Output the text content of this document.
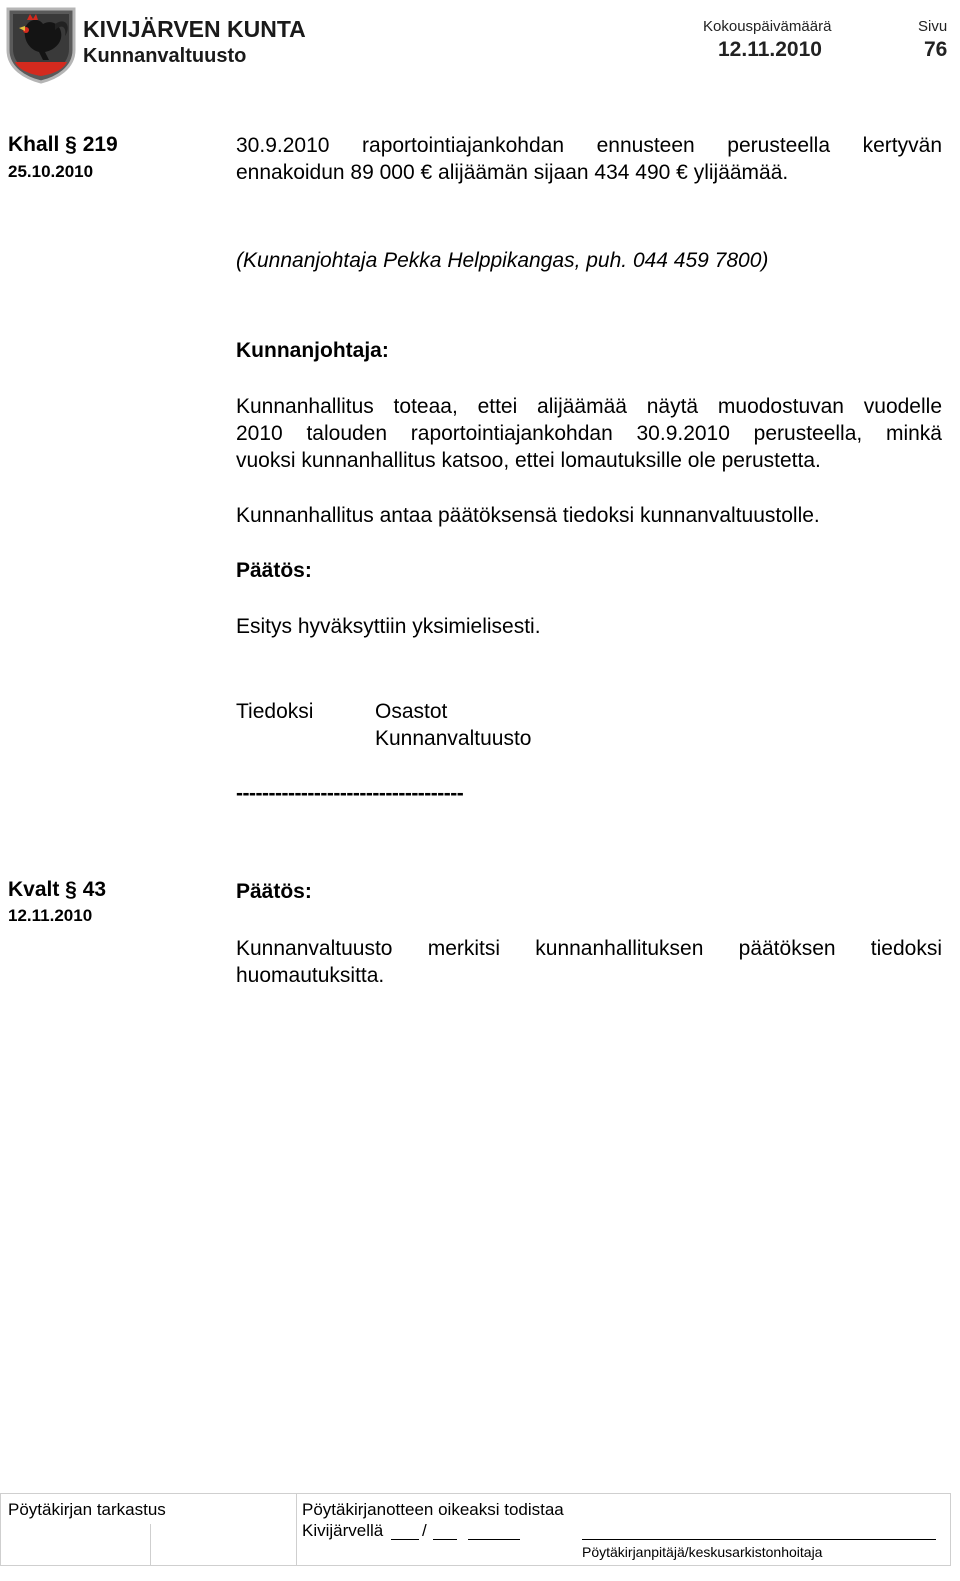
KIVIJÄRVEN KUNTA
Kunnanvaltuusto
Kokouspäivämäärä
12.11.2010
Sivu
76
Khall § 219
25.10.2010
30.9.2010 raportointiajankohdan ennusteen perusteella kertyvän
ennakoidun 89 000 € alijäämän sijaan 434 490 € ylijäämää.
(Kunnanjohtaja Pekka Helppikangas, puh. 044 459 7800)
Kunnanjohtaja:
Kunnanhallitus toteaa, ettei alijäämää näytä muodostuvan vuodelle
2010 talouden raportointiajankohdan 30.9.2010 perusteella, minkä
vuoksi kunnanhallitus katsoo, ettei lomautuksille ole perustetta.
Kunnanhallitus antaa päätöksensä tiedoksi kunnanvaltuustolle.
Päätös:
Esitys hyväksyttiin yksimielisesti.
Tiedoksi	Osastot
Kunnanvaltuusto
-----------------------------------
Kvalt § 43
12.11.2010
Päätös:
Kunnanvaltuusto merkitsi kunnanhallituksen päätöksen tiedoksi
huomautuksitta.
Pöytäkirjan tarkastus	Pöytäkirjanotteen oikeaksi todistaa
Kivijärvellä /
Pöytäkirjanpitäjä/keskusarkistonhoitaja
